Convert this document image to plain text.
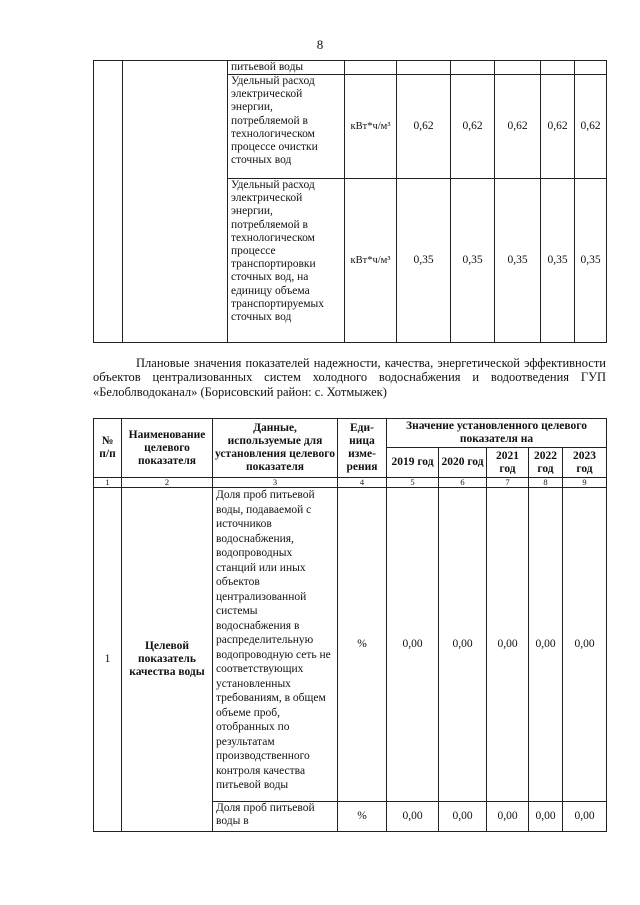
8
		питьевой воды						
		Удельный расход электрической энергии, потребляемой в технологическом процессе очистки сточных вод	кВт*ч/м³	0,62	0,62	0,62	0,62	0,62
		Удельный расход электрической энергии, потребляемой в технологическом процессе транспортировки сточных вод, на единицу объема транспортируемых сточных вод	кВт*ч/м³	0,35	0,35	0,35	0,35	0,35
Плановые значения показателей надежности, качества, энергетической эффективности объектов централизованных систем холодного водоснабжения и водоотведения ГУП «Белоблводоканал» (Борисовский район: с. Хотмыжек)
№ п/п	Наименование целевого показателя	Данные, используемые для установления целевого показателя	Еди-ница изме-рения	Значение установленного целевого показателя на				
				2019 год	2020 год	2021 год	2022 год	2023 год
1	2	3	4	5	6	7	8	9
1	Целевой показатель качества воды	Доля проб питьевой воды, подаваемой с источников водоснабжения, водопроводных станций или иных объектов централизованной системы водоснабжения в распределительную водопроводную сеть не соответствующих установленных требованиям, в общем объеме проб, отобранных по результатам производственного контроля качества питьевой воды	%	0,00	0,00	0,00	0,00	0,00
		Доля проб питьевой воды в	%	0,00	0,00	0,00	0,00	0,00
